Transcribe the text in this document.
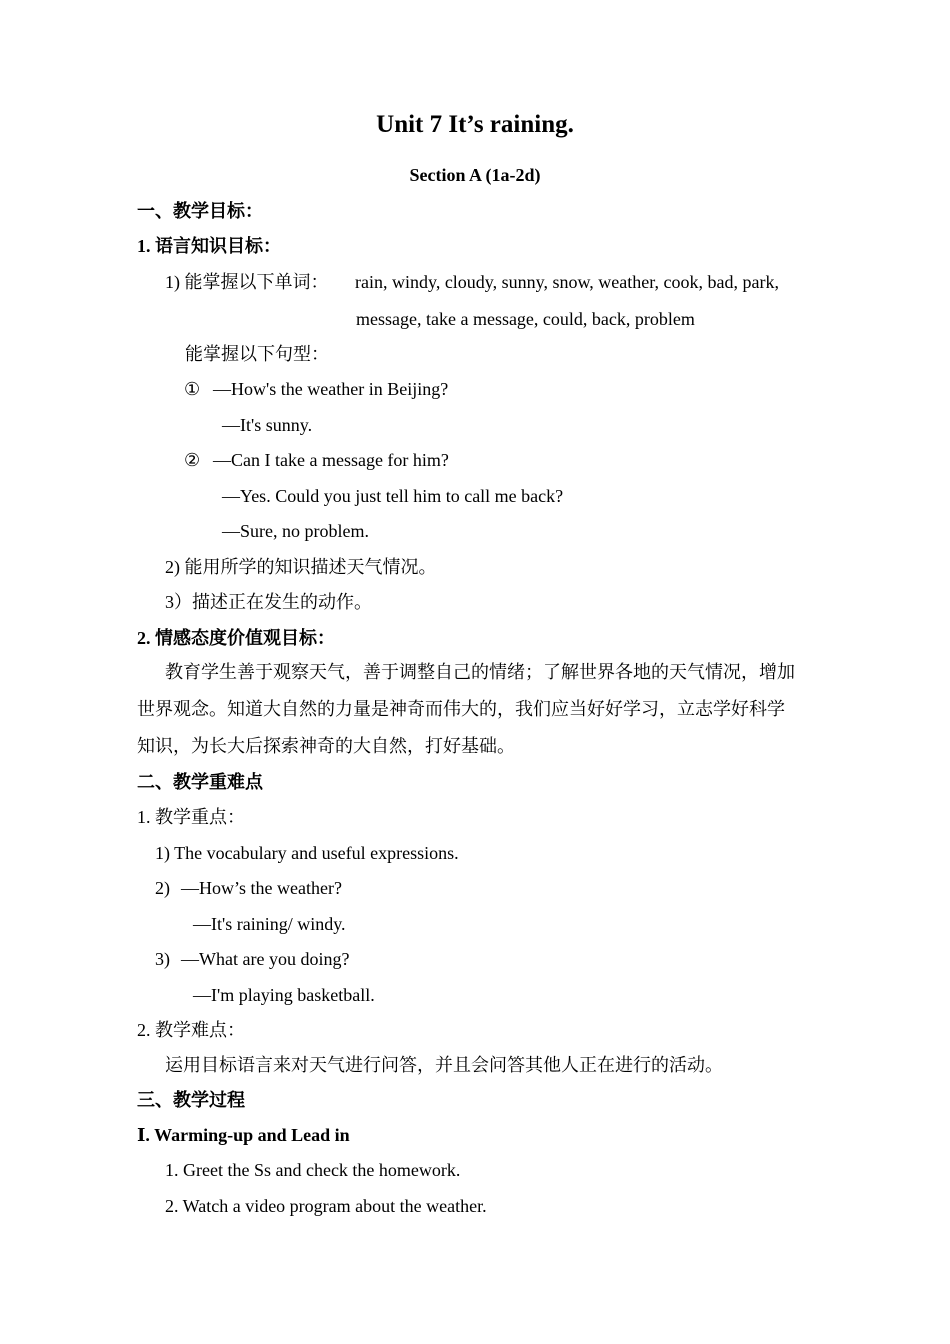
Unit 7 It’s raining.
Section A (1a-2d)
一、教学目标：
1. 语言知识目标：
1) 能掌握以下单词： rain, windy, cloudy, sunny, snow, weather, cook, bad, park,
message, take a message, could, back, problem
能掌握以下句型：
① —How's the weather in Beijing?
—It's sunny.
② —Can I take a message for him?
—Yes. Could you just tell him to call me back?
—Sure, no problem.
2) 能用所学的知识描述天气情况。
3）描述正在发生的动作。
2. 情感态度价值观目标：
教育学生善于观察天气，善于调整自己的情绪；了解世界各地的天气情况，增加
世界观念。知道大自然的力量是神奇而伟大的，我们应当好好学习，立志学好科学
知识，为长大后探索神奇的大自然，打好基础。
二、教学重难点
1. 教学重点：
1) The vocabulary and useful expressions.
2) —How’s the weather?
—It's raining/ windy.
3) —What are you doing?
—I'm playing basketball.
2. 教学难点：
运用目标语言来对天气进行问答，并且会问答其他人正在进行的活动。
三、教学过程
Ⅰ. Warming-up and Lead in
1. Greet the Ss and check the homework.
2. Watch a video program about the weather.
